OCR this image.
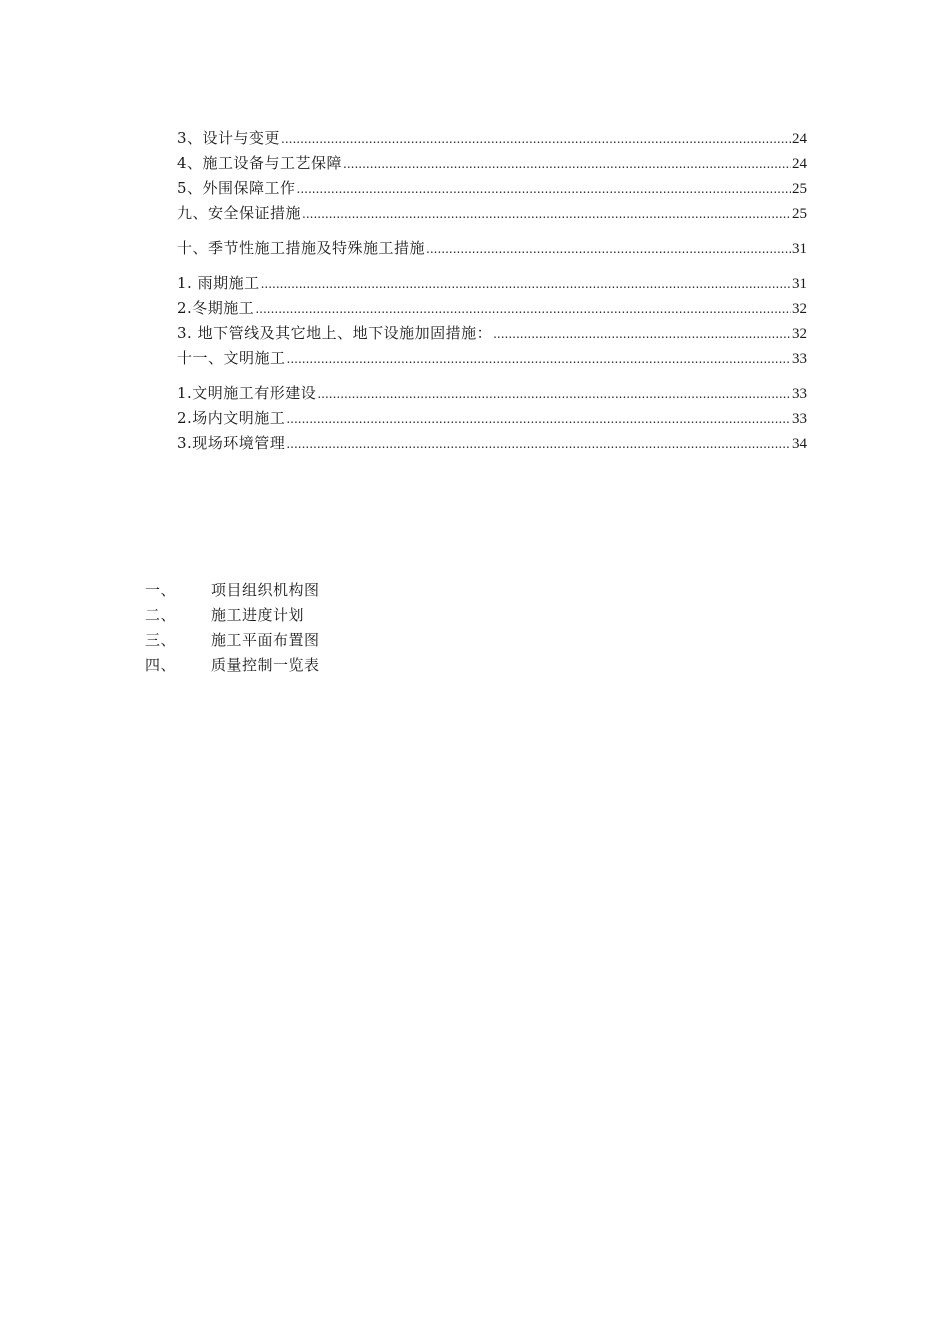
3、设计与变更 .....	24
4、施工设备与工艺保障 .....	24
5、外围保障工作 .....	25
九、安全保证措施 .....	25
十、季节性施工措施及特殊施工措施 .....	31
1. 雨期施工 .....	31
2.冬期施工 .....	32
3. 地下管线及其它地上、地下设施加固措施： .....	32
十一、文明施工 .....	33
1.文明施工有形建设 .....	33
2.场内文明施工 .....	33
3.现场环境管理 .....	34
一、	项目组织机构图
二、	施工进度计划
三、	施工平面布置图
四、	质量控制一览表
